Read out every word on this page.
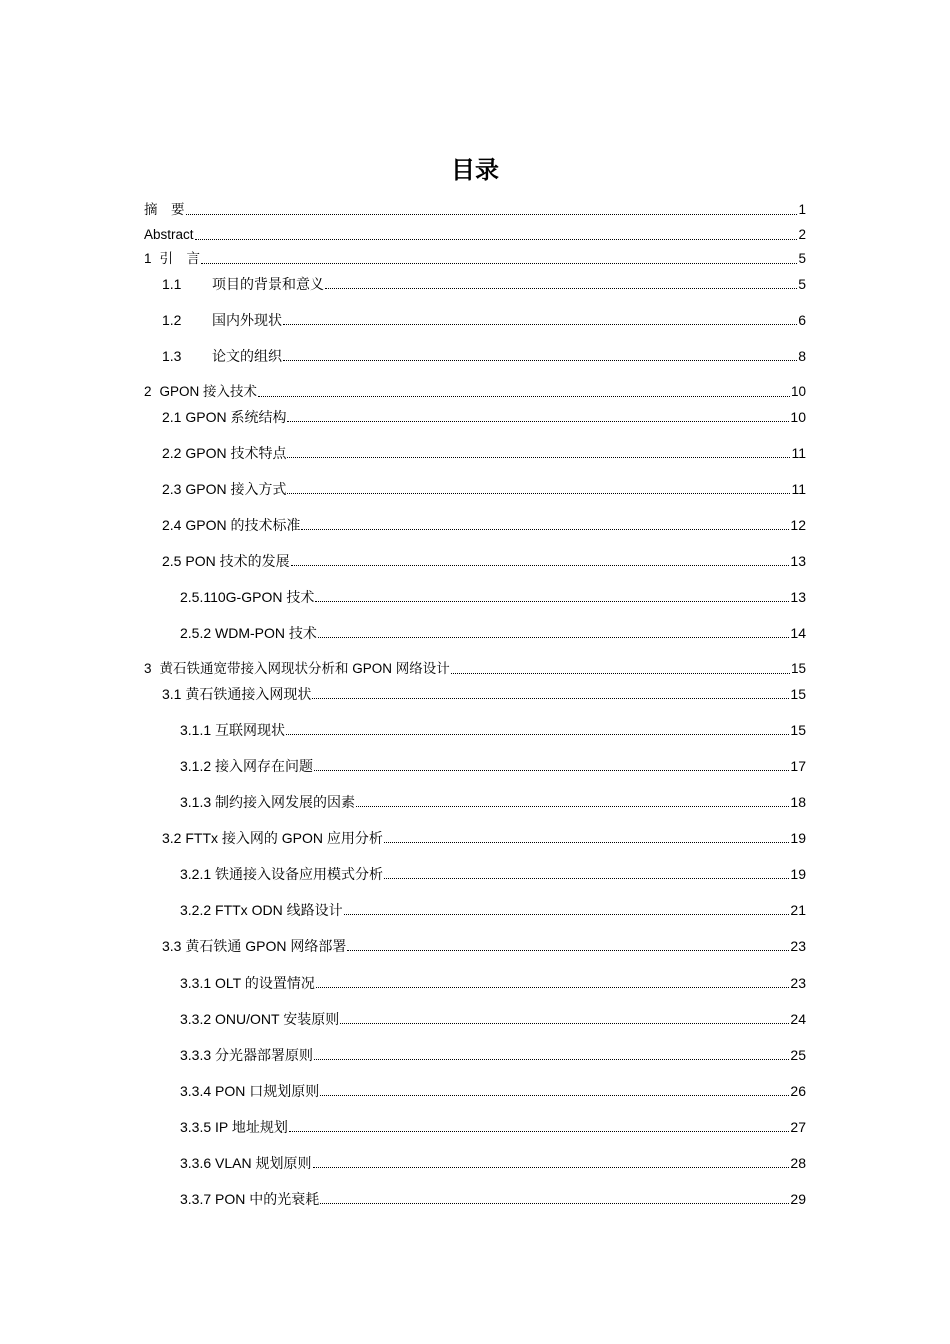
目录
摘　要	1
Abstract	2
1 引　言	5
1.1	项目的背景和意义	5
1.2	国内外现状	6
1.3	论文的组织	8
2 GPON 接入技术	10
2.1 GPON 系统结构	10
2.2 GPON 技术特点	11
2.3 GPON 接入方式	11
2.4 GPON 的技术标准	12
2.5 PON 技术的发展	13
2.5.110G-GPON 技术	13
2.5.2 WDM-PON 技术	14
3 黄石铁通宽带接入网现状分析和 GPON 网络设计	15
3.1 黄石铁通接入网现状	15
3.1.1 互联网现状	15
3.1.2 接入网存在问题	17
3.1.3 制约接入网发展的因素	18
3.2 FTTx 接入网的 GPON 应用分析	19
3.2.1 铁通接入设备应用模式分析	19
3.2.2 FTTx ODN 线路设计	21
3.3 黄石铁通 GPON 网络部署	23
3.3.1 OLT 的设置情况	23
3.3.2 ONU/ONT 安装原则	24
3.3.3 分光器部署原则	25
3.3.4 PON 口规划原则	26
3.3.5 IP 地址规划	27
3.3.6 VLAN 规划原则	28
3.3.7 PON 中的光衰耗	29
